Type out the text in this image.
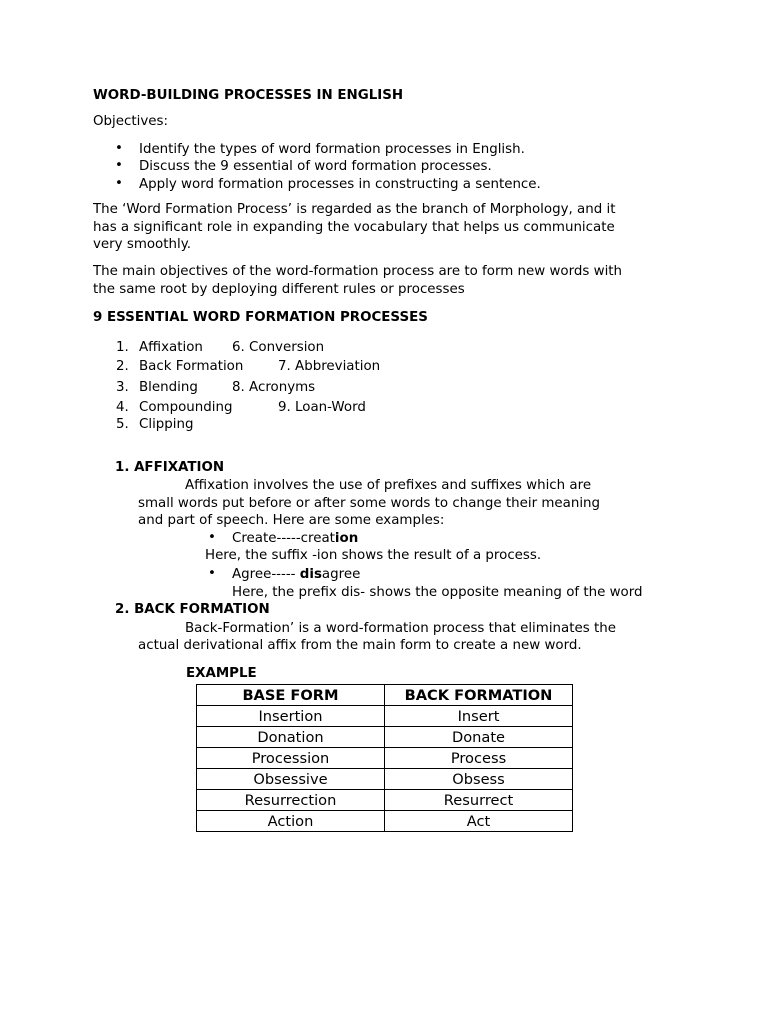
WORD-BUILDING PROCESSES IN ENGLISH
Objectives:
• Identify the types of word formation processes in English.
• Discuss the 9 essential of word formation processes.
• Apply word formation processes in constructing a sentence.
The ‘Word Formation Process’ is regarded as the branch of Morphology, and it
has a significant role in expanding the vocabulary that helps us communicate
very smoothly.
The main objectives of the word-formation process are to form new words with
the same root by deploying different rules or processes
9 ESSENTIAL WORD FORMATION PROCESSES
1. Affixation 6. Conversion
2. Back Formation	7. Abbreviation
3. Blending	8. Acronyms
4. Compounding	9. Loan-Word
5. Clipping
1. AFFIXATION
Affixation involves the use of prefixes and suffixes which are
small words put before or after some words to change their meaning
and part of speech. Here are some examples:
• Create-----creation
Here, the suffix -ion shows the result of a process.
• Agree----- disagree
Here, the prefix dis- shows the opposite meaning of the word
2. BACK FORMATION
Back-Formation’ is a word-formation process that eliminates the
actual derivational affix from the main form to create a new word.
EXAMPLE
BASE FORM	BACK FORMATION
Insertion	Insert
Donation	Donate
Procession	Process
Obsessive	Obsess
Resurrection	Resurrect
Action	Act
